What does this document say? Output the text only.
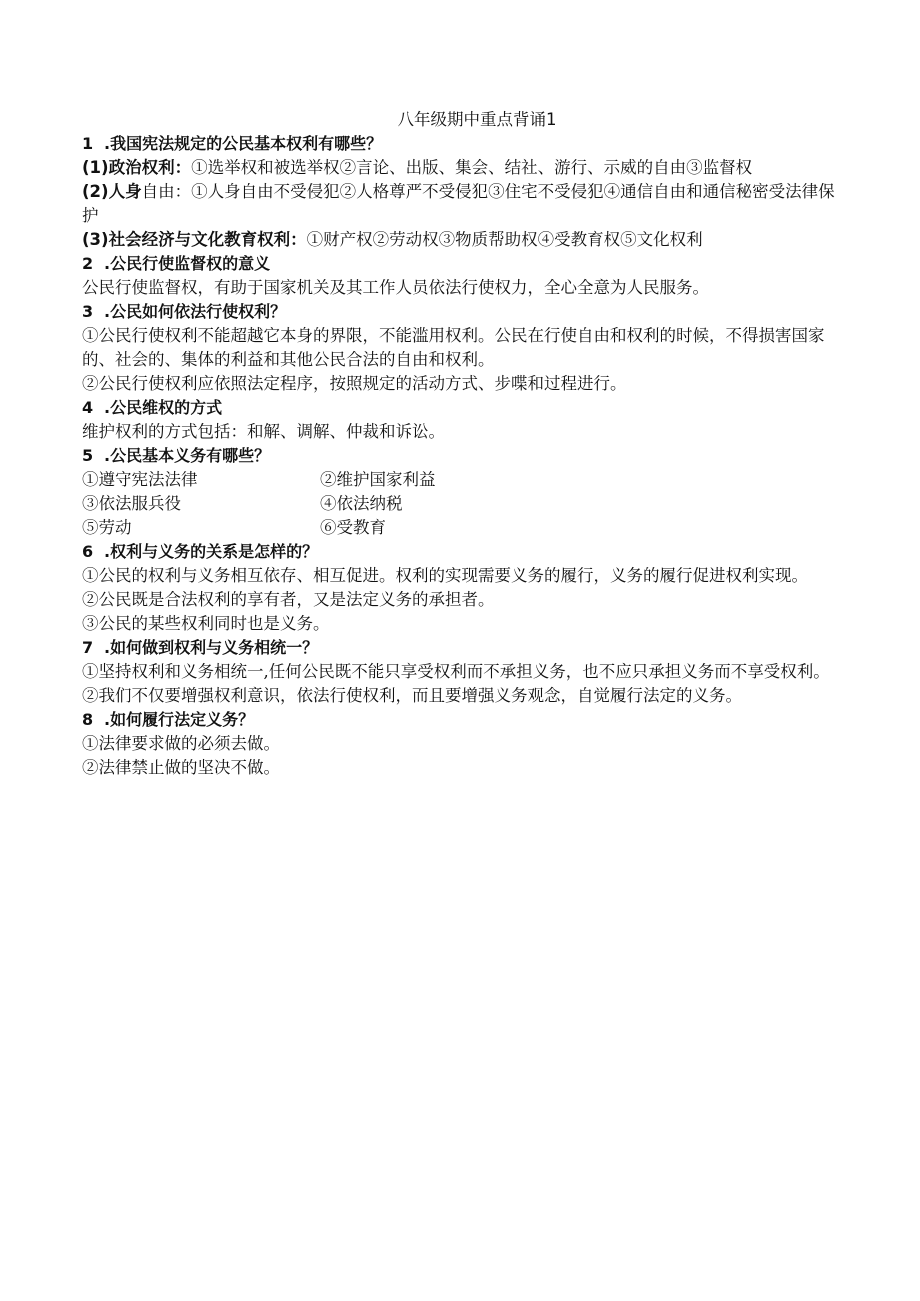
八年级期中重点背诵1
1 .我国宪法规定的公民基本权利有哪些？
(1)政治权利：①选举权和被选举权②言论、出版、集会、结社、游行、示威的自由③监督权
(2)人身自由：①人身自由不受侵犯②人格尊严不受侵犯③住宅不受侵犯④通信自由和通信秘密受法律保护
(3)社会经济与文化教育权利：①财产权②劳动权③物质帮助权④受教育权⑤文化权利
2 .公民行使监督权的意义
公民行使监督权，有助于国家机关及其工作人员依法行使权力，全心全意为人民服务。
3 .公民如何依法行使权利？
①公民行使权利不能超越它本身的界限，不能滥用权利。公民在行使自由和权利的时候，不得损害国家的、社会的、集体的利益和其他公民合法的自由和权利。
②公民行使权利应依照法定程序，按照规定的活动方式、步喋和过程进行。
4 .公民维权的方式
维护权利的方式包括：和解、调解、仲裁和诉讼。
5 .公民基本义务有哪些？
①遵守宪法法律	②维护国家利益
③依法服兵役	④依法纳税
⑤劳动	⑥受教育
6 .权利与义务的关系是怎样的？
①公民的权利与义务相互依存、相互促进。权利的实现需要义务的履行，义务的履行促进权利实现。
②公民既是合法权利的享有者，又是法定义务的承担者。
③公民的某些权利同时也是义务。
7 .如何做到权利与义务相统一？
①坚持权利和义务相统一,任何公民既不能只享受权利而不承担义务，也不应只承担义务而不享受权利。
②我们不仅要增强权利意识，依法行使权利，而且要增强义务观念，自觉履行法定的义务。
8 .如何履行法定义务？
①法律要求做的必须去做。
②法律禁止做的坚决不做。
